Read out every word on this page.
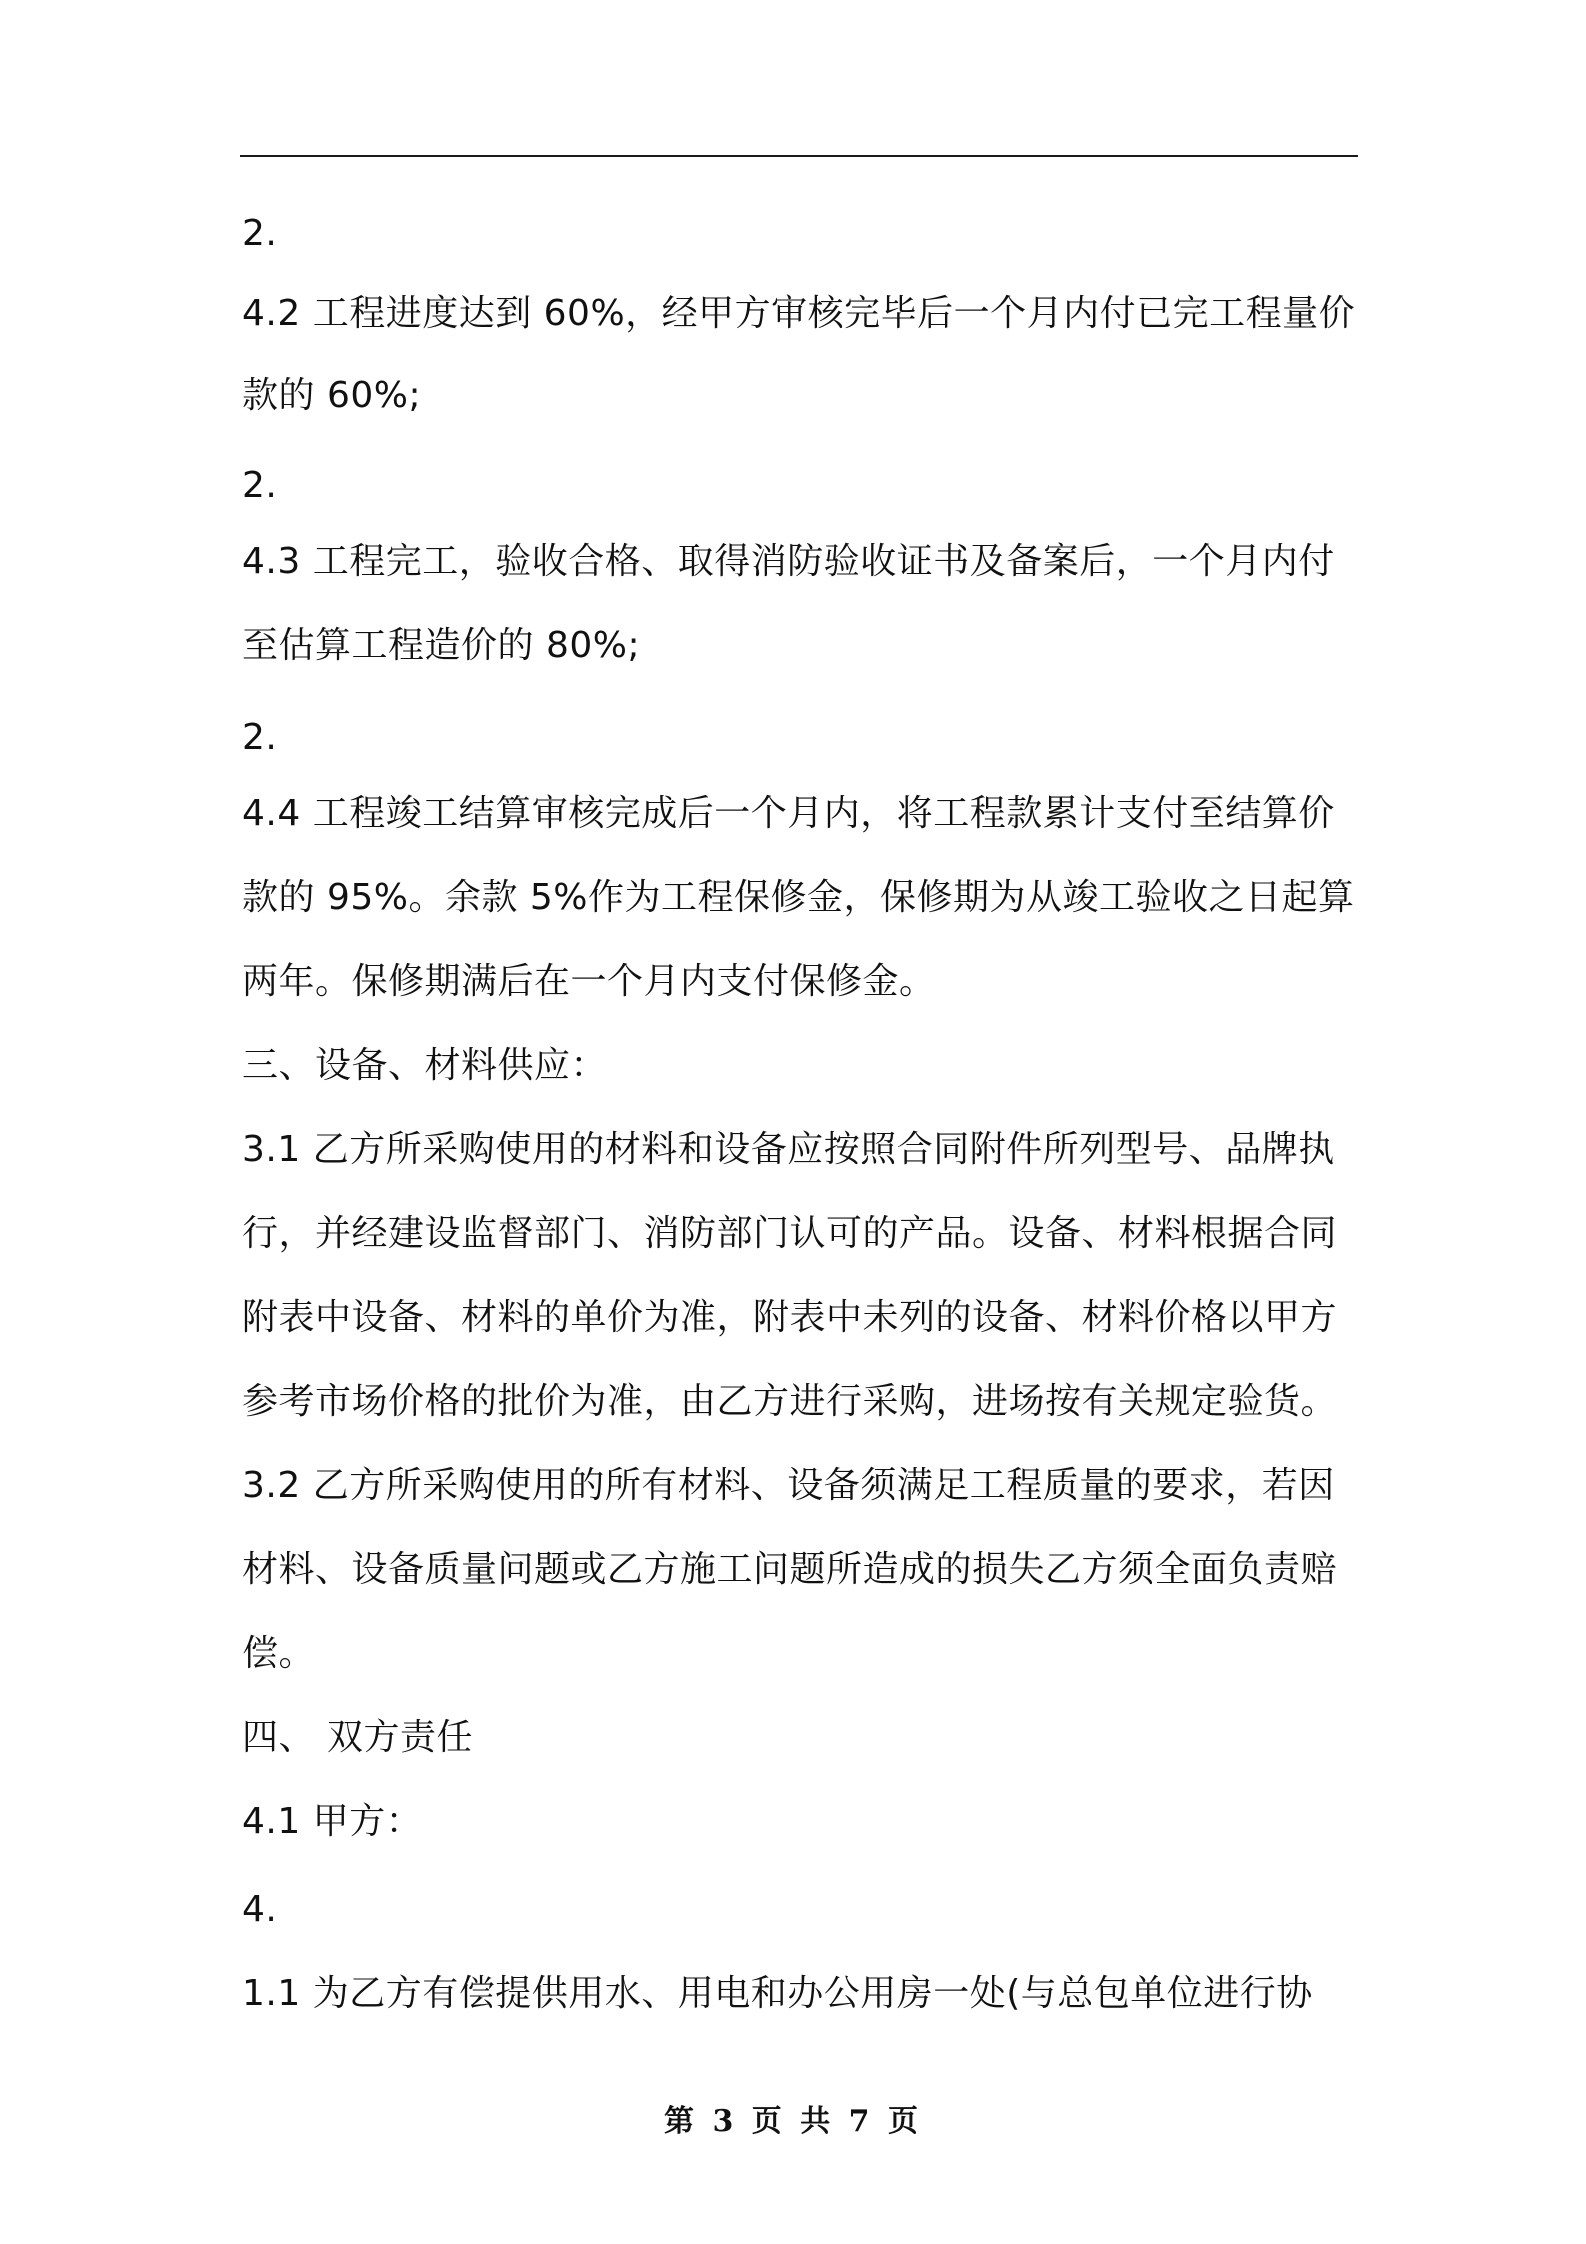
2.
4.2 工程进度达到 60%，经甲方审核完毕后一个月内付已完工程量价
款的 60%;
2.
4.3 工程完工，验收合格、取得消防验收证书及备案后，一个月内付
至估算工程造价的 80%;
2.
4.4 工程竣工结算审核完成后一个月内，将工程款累计支付至结算价
款的 95%。余款 5%作为工程保修金，保修期为从竣工验收之日起算
两年。保修期满后在一个月内支付保修金。
三、设备、材料供应：
3.1 乙方所采购使用的材料和设备应按照合同附件所列型号、品牌执
行，并经建设监督部门、消防部门认可的产品。设备、材料根据合同
附表中设备、材料的单价为准，附表中未列的设备、材料价格以甲方
参考市场价格的批价为准，由乙方进行采购，进场按有关规定验货。
3.2 乙方所采购使用的所有材料、设备须满足工程质量的要求，若因
材料、设备质量问题或乙方施工问题所造成的损失乙方须全面负责赔
偿。
四、 双方责任
4.1 甲方：
4.
1.1 为乙方有偿提供用水、用电和办公用房一处(与总包单位进行协
第 3 页 共 7 页
